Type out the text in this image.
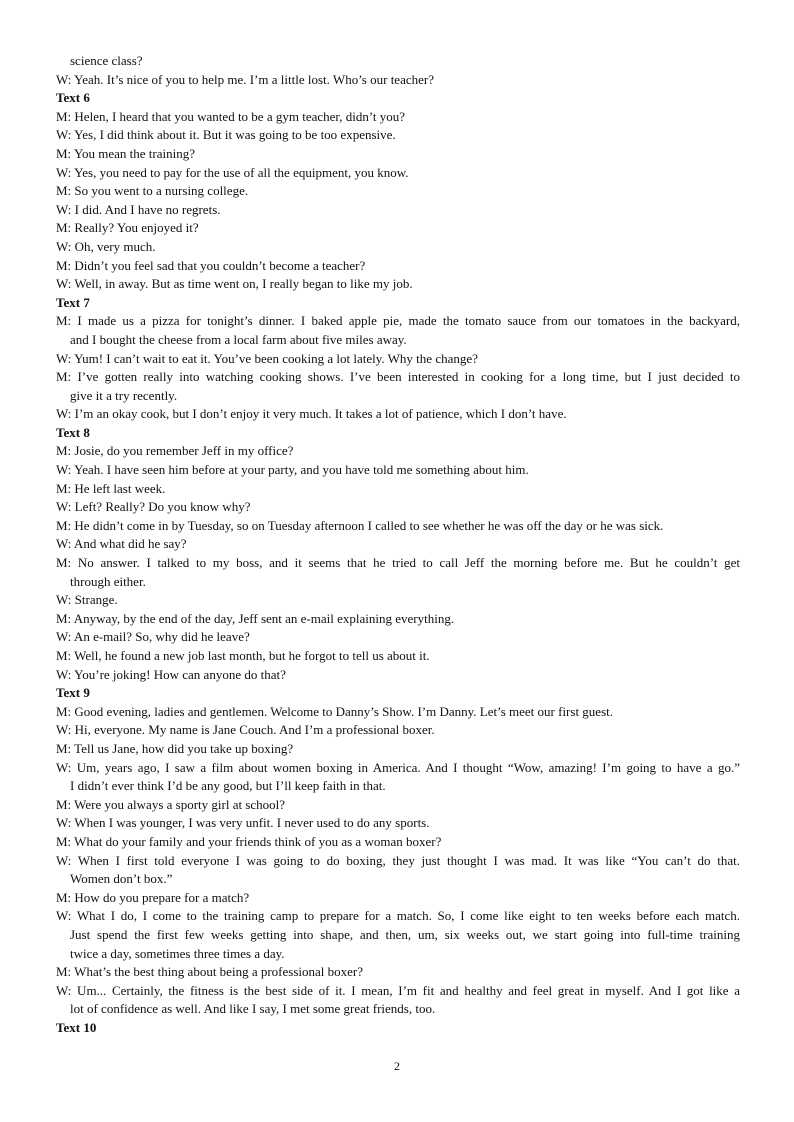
science class?
W: Yeah. It’s nice of you to help me. I’m a little lost. Who’s our teacher?
Text 6
M: Helen, I heard that you wanted to be a gym teacher, didn’t you?
W: Yes, I did think about it. But it was going to be too expensive.
M: You mean the training?
W: Yes, you need to pay for the use of all the equipment, you know.
M: So you went to a nursing college.
W: I did. And I have no regrets.
M: Really? You enjoyed it?
W: Oh, very much.
M: Didn’t you feel sad that you couldn’t become a teacher?
W: Well, in away. But as time went on, I really began to like my job.
Text 7
M: I made us a pizza for tonight’s dinner. I baked apple pie, made the tomato sauce from our tomatoes in the backyard,
and I bought the cheese from a local farm about five miles away.
W: Yum! I can’t wait to eat it. You’ve been cooking a lot lately. Why the change?
M: I’ve gotten really into watching cooking shows. I’ve been interested in cooking for a long time, but I just decided to
give it a try recently.
W: I’m an okay cook, but I don’t enjoy it very much. It takes a lot of patience, which I don’t have.
Text 8
M: Josie, do you remember Jeff in my office?
W: Yeah. I have seen him before at your party, and you have told me something about him.
M: He left last week.
W: Left? Really? Do you know why?
M: He didn’t come in by Tuesday, so on Tuesday afternoon I called to see whether he was off the day or he was sick.
W: And what did he say?
M: No answer. I talked to my boss, and it seems that he tried to call Jeff the morning before me. But he couldn’t get
through either.
W: Strange.
M: Anyway, by the end of the day, Jeff sent an e-mail explaining everything.
W: An e-mail? So, why did he leave?
M: Well, he found a new job last month, but he forgot to tell us about it.
W: You’re joking! How can anyone do that?
Text 9
M: Good evening, ladies and gentlemen. Welcome to Danny’s Show. I’m Danny. Let’s meet our first guest.
W: Hi, everyone. My name is Jane Couch. And I’m a professional boxer.
M: Tell us Jane, how did you take up boxing?
W: Um, years ago, I saw a film about women boxing in America. And I thought “Wow, amazing! I’m going to have a go.”
I didn’t ever think I’d be any good, but I’ll keep faith in that.
M: Were you always a sporty girl at school?
W: When I was younger, I was very unfit. I never used to do any sports.
M: What do your family and your friends think of you as a woman boxer?
W: When I first told everyone I was going to do boxing, they just thought I was mad. It was like “You can’t do that.
Women don’t box.”
M: How do you prepare for a match?
W: What I do, I come to the training camp to prepare for a match. So, I come like eight to ten weeks before each match.
Just spend the first few weeks getting into shape, and then, um, six weeks out, we start going into full-time training
twice a day, sometimes three times a day.
M: What’s the best thing about being a professional boxer?
W: Um... Certainly, the fitness is the best side of it. I mean, I’m fit and healthy and feel great in myself. And I got like a
lot of confidence as well. And like I say, I met some great friends, too.
Text 10
2
